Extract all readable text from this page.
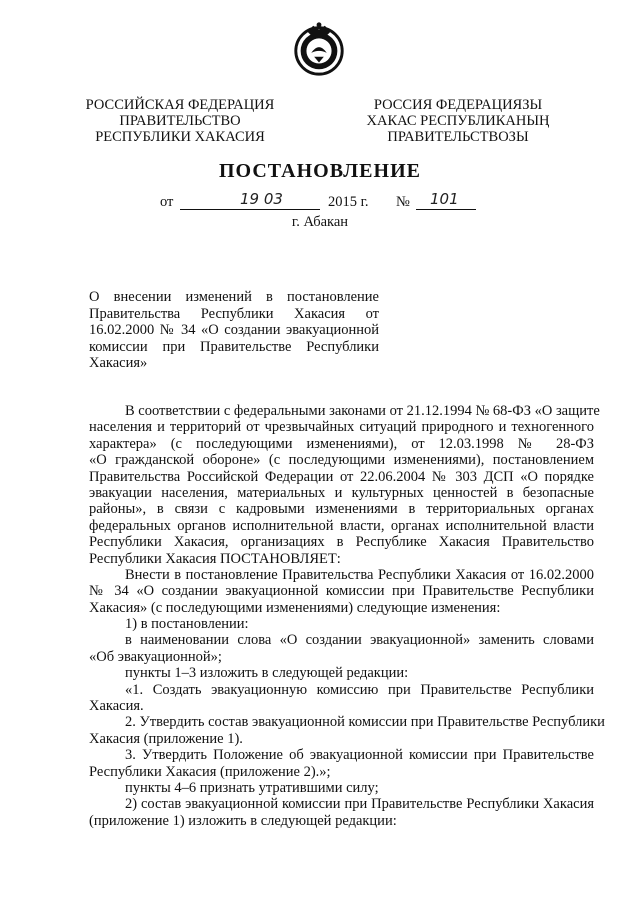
РОССИЙСКАЯ ФЕДЕРАЦИЯ
ПРАВИТЕЛЬСТВО
РЕСПУБЛИКИ ХАКАСИЯ
РОССИЯ ФЕДЕРАЦИЯЗЫ
ХАКАС РЕСПУБЛИКАНЫҢ
ПРАВИТЕЛЬСТВОЗЫ
ПОСТАНОВЛЕНИЕ
от	19 03	2015 г. № 101
г. Абакан
О внесении изменений в постановление
Правительства Республики Хакасия от
16.02.2000 № 34 «О создании эвакуационной
комиссии при Правительстве Республики
Хакасия»
В соответствии с федеральными законами от 21.12.1994 № 68-ФЗ «О защите
населения и территорий от чрезвычайных ситуаций природного и техногенного
характера» (с последующими изменениями), от 12.03.1998 № 28-ФЗ
«О гражданской обороне» (с последующими изменениями), постановлением
Правительства Российской Федерации от 22.06.2004 № 303 ДСП «О порядке
эвакуации населения, материальных и культурных ценностей в безопасные
районы», в связи с кадровыми изменениями в территориальных органах
федеральных органов исполнительной власти, органах исполнительной власти
Республики Хакасия, организациях в Республике Хакасия Правительство
Республики Хакасия ПОСТАНОВЛЯЕТ:
Внести в постановление Правительства Республики Хакасия от 16.02.2000
№ 34 «О создании эвакуационной комиссии при Правительстве Республики
Хакасия» (с последующими изменениями) следующие изменения:
1) в постановлении:
в наименовании слова «О создании эвакуационной» заменить словами
«Об эвакуационной»;
пункты 1–3 изложить в следующей редакции:
«1. Создать эвакуационную комиссию при Правительстве Республики
Хакасия.
2. Утвердить состав эвакуационной комиссии при Правительстве Республики
Хакасия (приложение 1).
3. Утвердить Положение об эвакуационной комиссии при Правительстве
Республики Хакасия (приложение 2).»;
пункты 4–6 признать утратившими силу;
2) состав эвакуационной комиссии при Правительстве Республики Хакасия
(приложение 1) изложить в следующей редакции:
